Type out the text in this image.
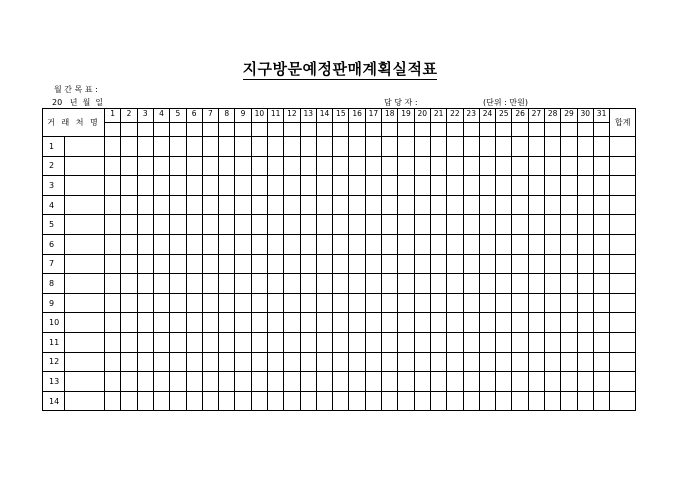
지구방문예정판매계획실적표
월 간 목 표 :
20   년  월  일	담 당 자 :	(단위 : 만원)
거 래 처 명		1	2	3	4	5	6	7	8	9	10	11	12	13	14	15	16	17	18	19	20	21	22	23	24	25	26	27	28	29	30	31	합계

1																																	
2																																	
3																																	
4																																	
5																																	
6																																	
7																																	
8																																	
9																																	
10																																	
11																																	
12																																	
13																																	
14																																	
